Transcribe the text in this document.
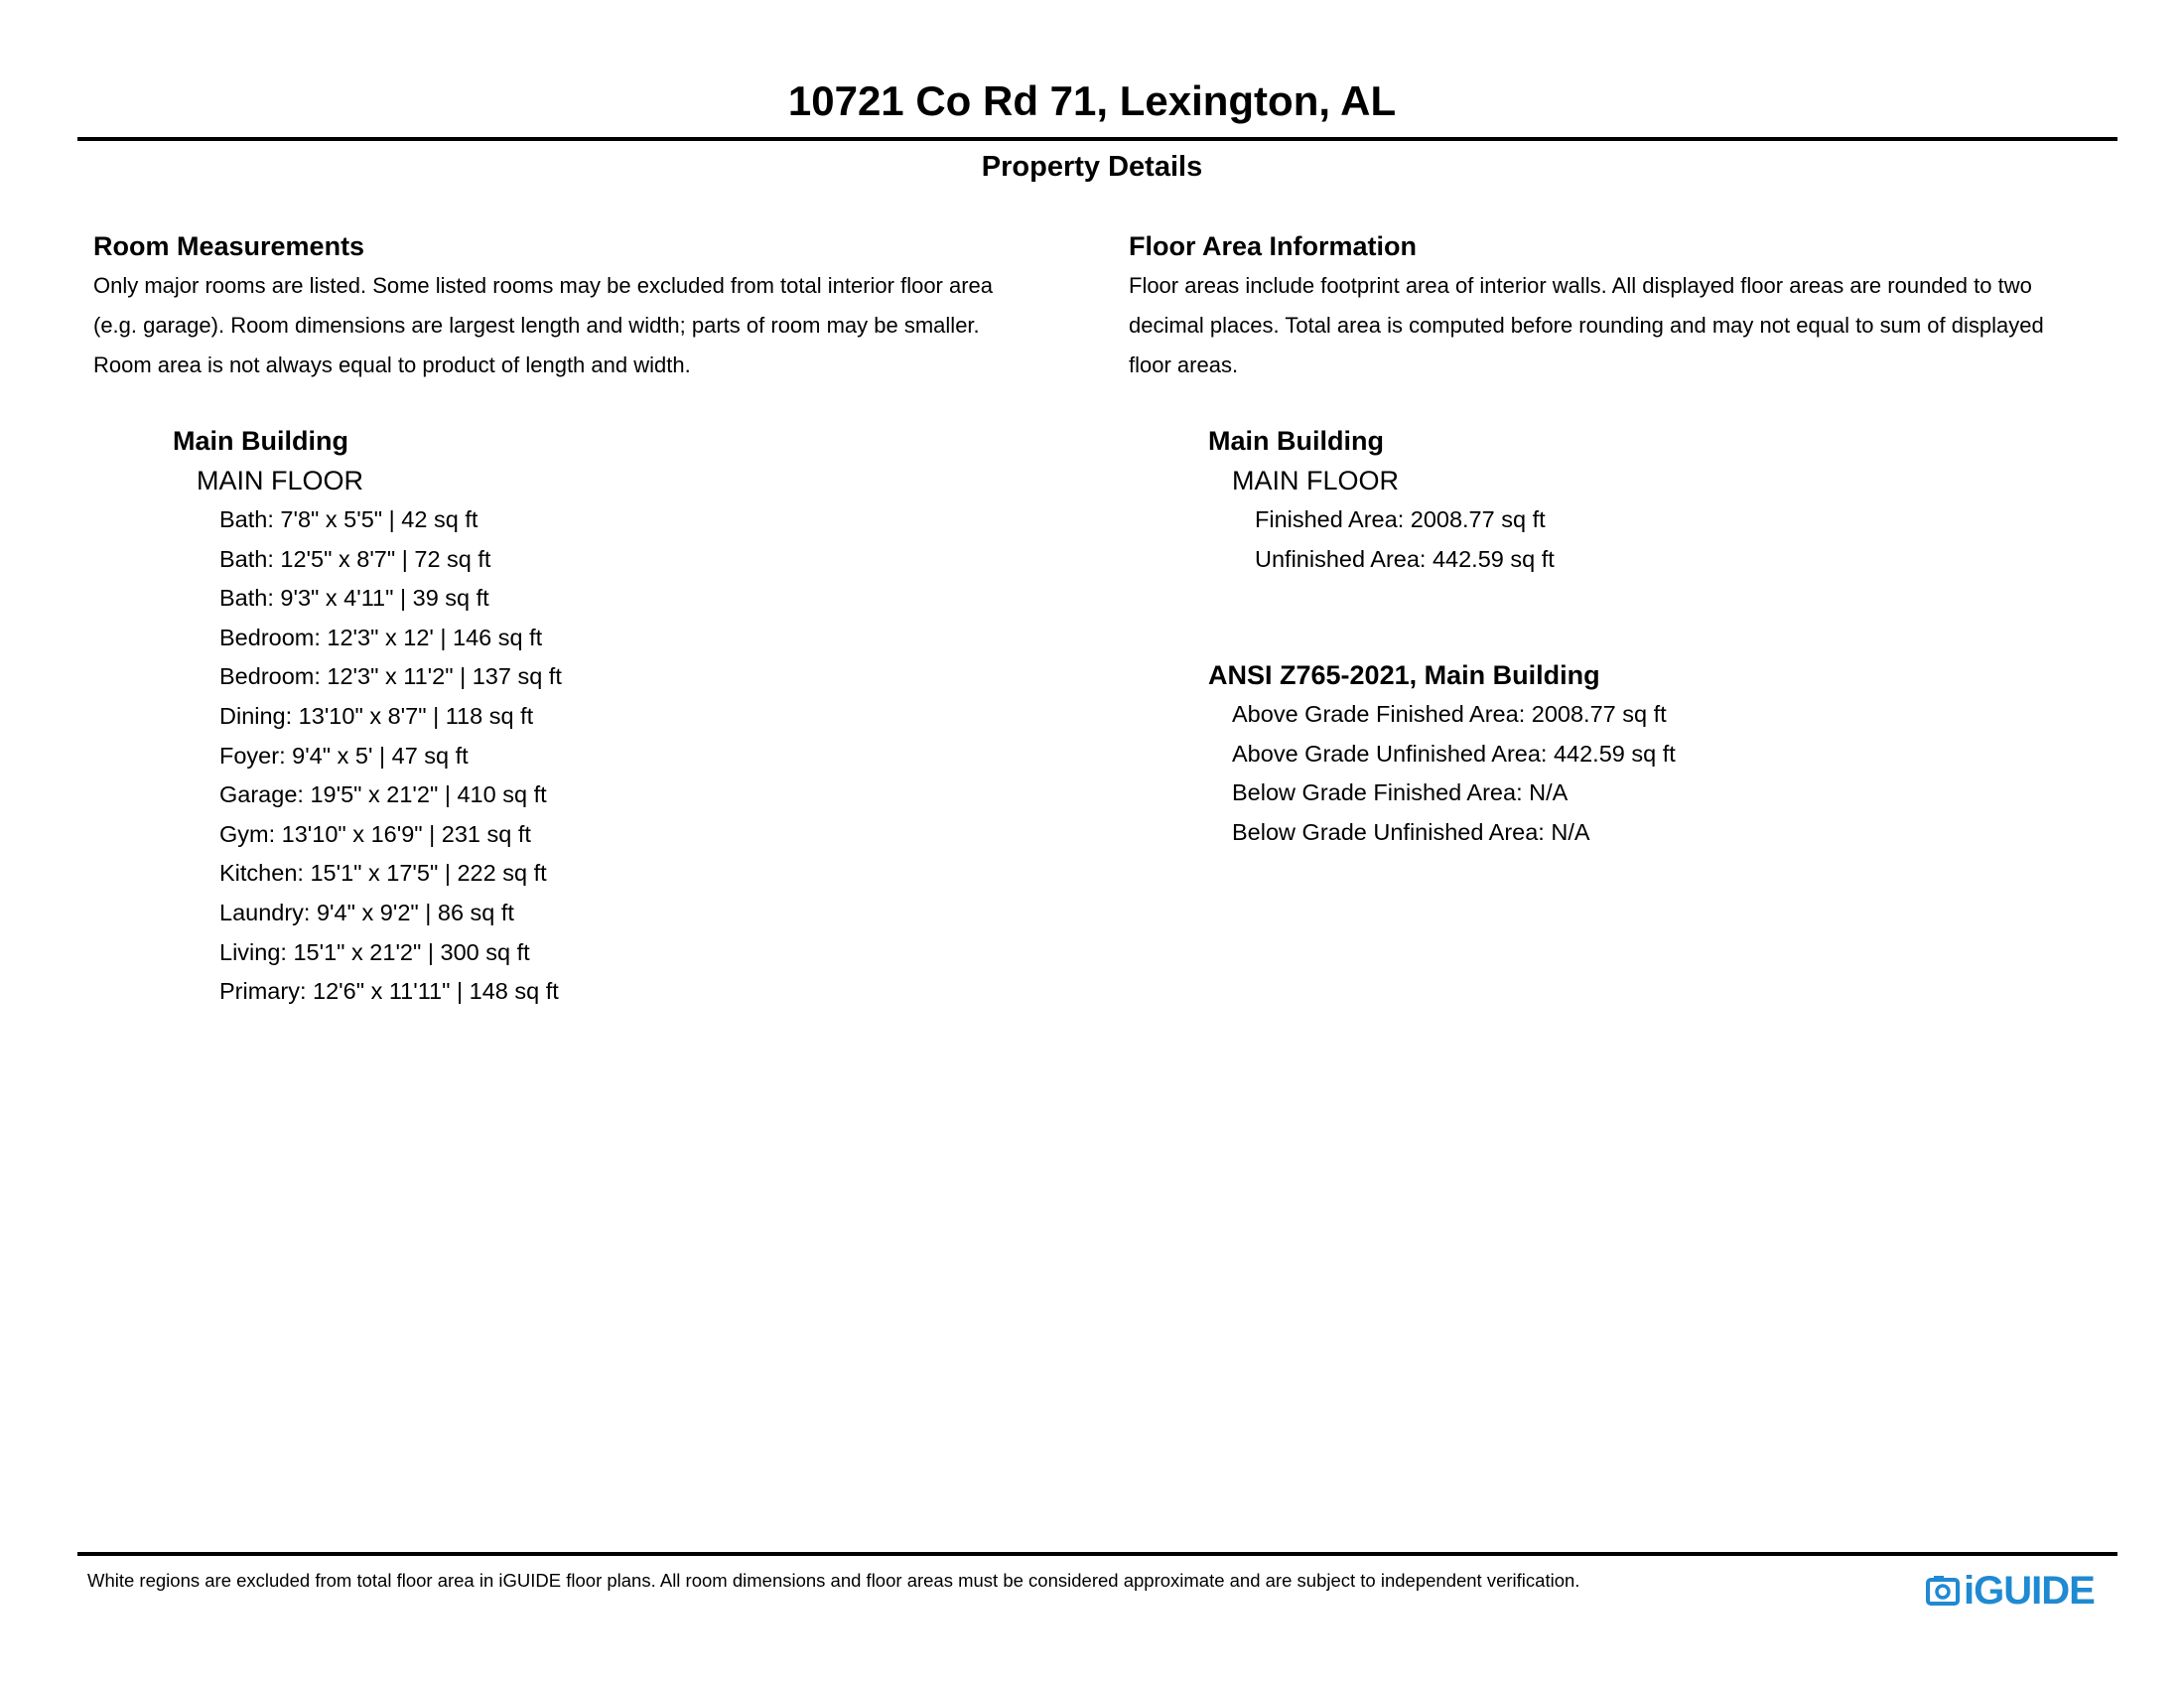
10721 Co Rd 71, Lexington, AL
Property Details

Room Measurements

Only major rooms are listed. Some listed rooms may be excluded from total interior floor area

(e.g. garage). Room dimensions are largest length and width; parts of room may be smaller.

Room area is not always equal to product of length and width.

Main Building
MAIN FLOOR
Bath: 7'8" x 5'5" | 42 sq ft
Bath: 12'5" x 8'7" | 72 sq ft
Bath: 9'3" x 4'11" | 39 sq ft
Bedroom: 12'3" x 12' | 146 sq ft
Bedroom: 12'3" x 11'2" | 137 sq ft
Dining: 13'10" x 8'7" | 118 sq ft
Foyer: 9'4" x 5' | 47 sq ft
Garage: 19'5" x 21'2" | 410 sq ft
Gym: 13'10" x 16'9" | 231 sq ft
Kitchen: 15'1" x 17'5" | 222 sq ft
Laundry: 9'4" x 9'2" | 86 sq ft
Living: 15'1" x 21'2" | 300 sq ft
Primary: 12'6" x 11'11" | 148 sq ft

Floor Area Information

Floor areas include footprint area of interior walls. All displayed floor areas are rounded to two

decimal places. Total area is computed before rounding and may not equal to sum of displayed

floor areas.

Main Building
MAIN FLOOR
Finished Area: 2008.77 sq ft
Unfinished Area: 442.59 sq ft
ANSI Z765-2021, Main Building
Above Grade Finished Area: 2008.77 sq ft
Above Grade Unfinished Area: 442.59 sq ft
Below Grade Finished Area: N/A
Below Grade Unfinished Area: N/A
White regions are excluded from total floor area in iGUIDE floor plans. All room dimensions and floor areas must be considered approximate and are subject to independent verification.	iGUIDE
